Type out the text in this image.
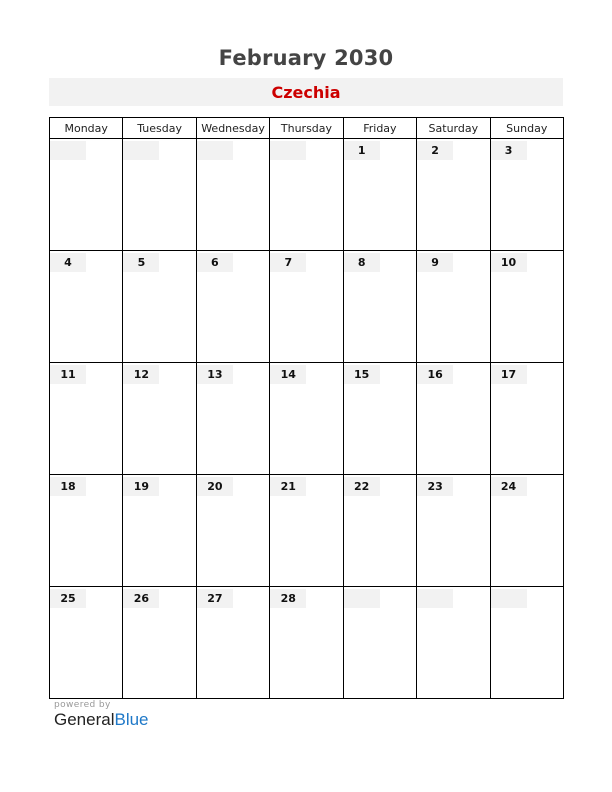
February 2030
Czechia
Monday	Tuesday	Wednesday	Thursday	Friday	Saturday	Sunday

				1	2	3

4	5	6	7	8	9	10

11	12	13	14	15	16	17

18	19	20	21	22	23	24

25	26	27	28			

powered by
GeneralBlue
